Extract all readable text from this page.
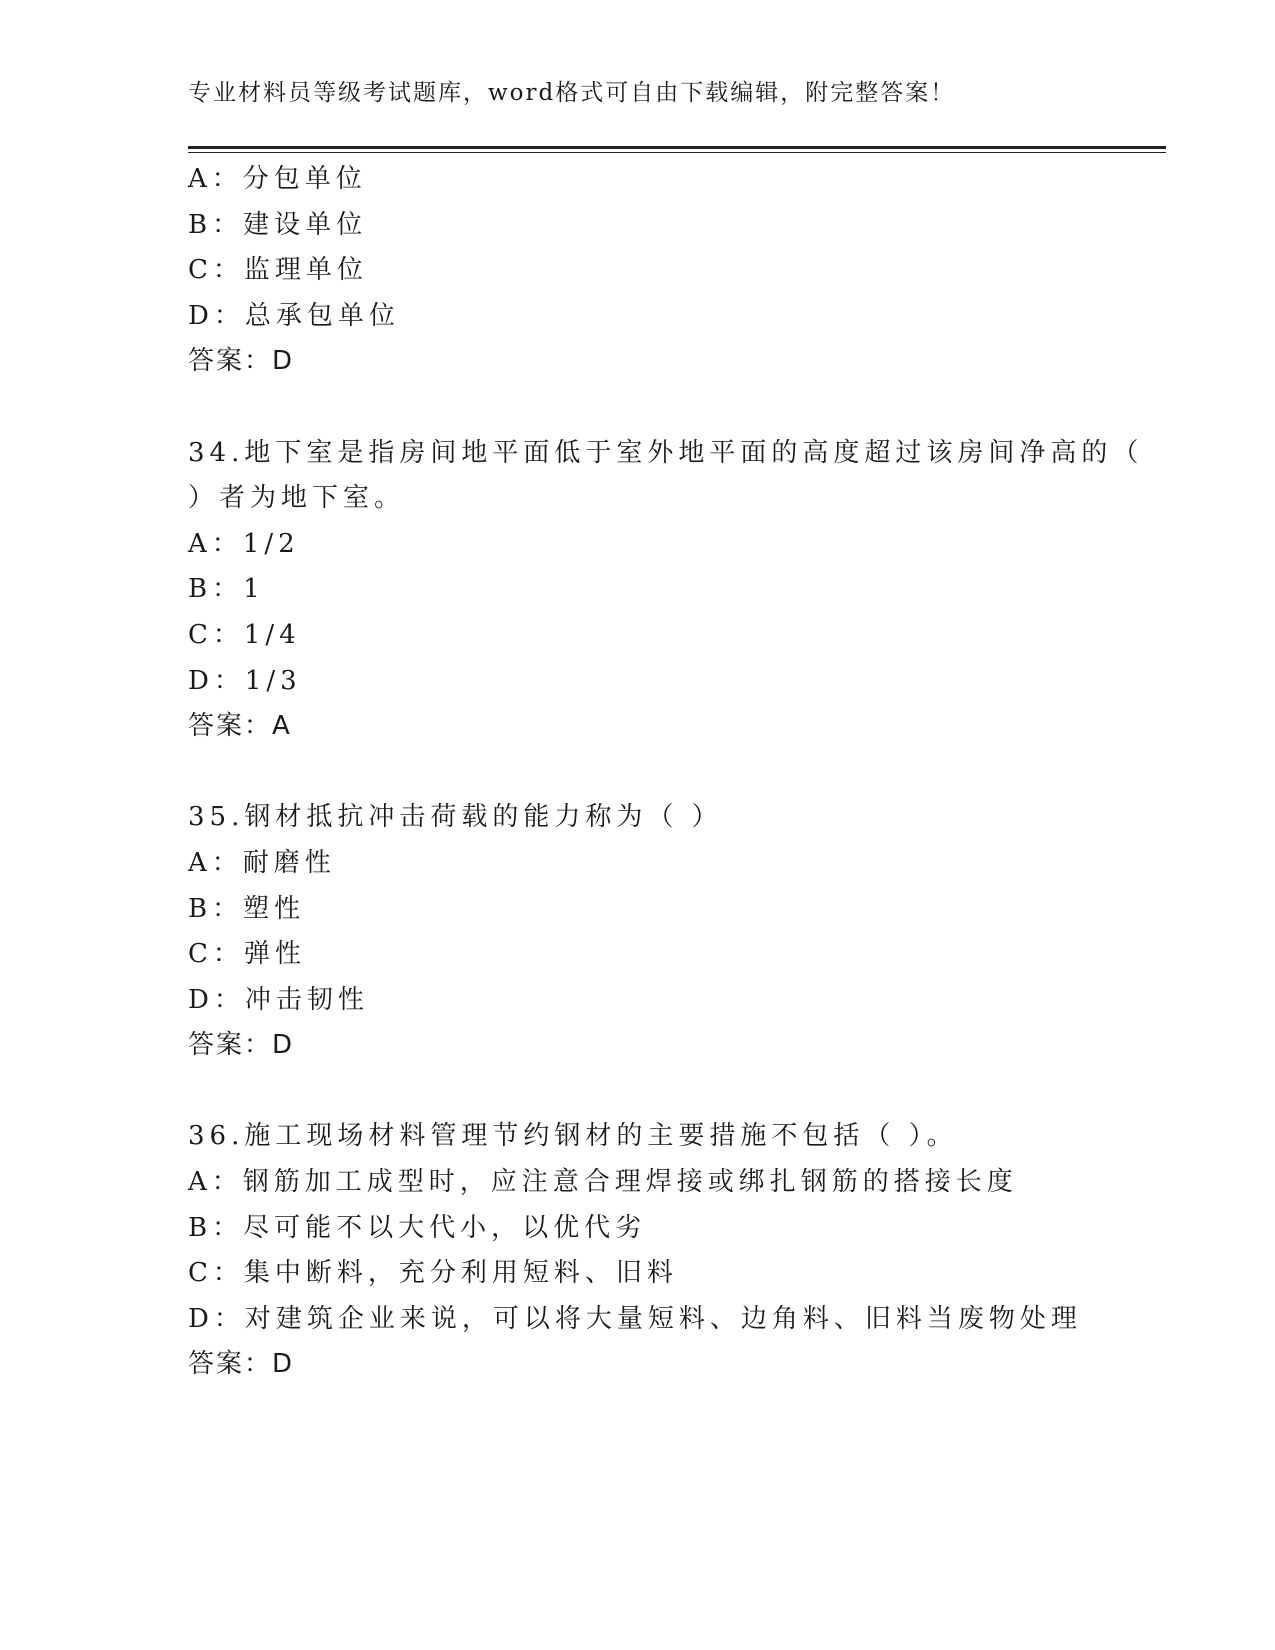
专业材料员等级考试题库，word格式可自由下载编辑，附完整答案！
A：分包单位
B：建设单位
C：监理单位
D：总承包单位
答案：D
34.地下室是指房间地平面低于室外地平面的高度超过该房间净高的（
）者为地下室。
A：1/2
B：1
C：1/4
D：1/3
答案：A
35.钢材抵抗冲击荷载的能力称为（ ）
A：耐磨性
B：塑性
C：弹性
D：冲击韧性
答案：D
36.施工现场材料管理节约钢材的主要措施不包括（ ）。
A：钢筋加工成型时，应注意合理焊接或绑扎钢筋的搭接长度
B：尽可能不以大代小，以优代劣
C：集中断料，充分利用短料、旧料
D：对建筑企业来说，可以将大量短料、边角料、旧料当废物处理
答案：D
